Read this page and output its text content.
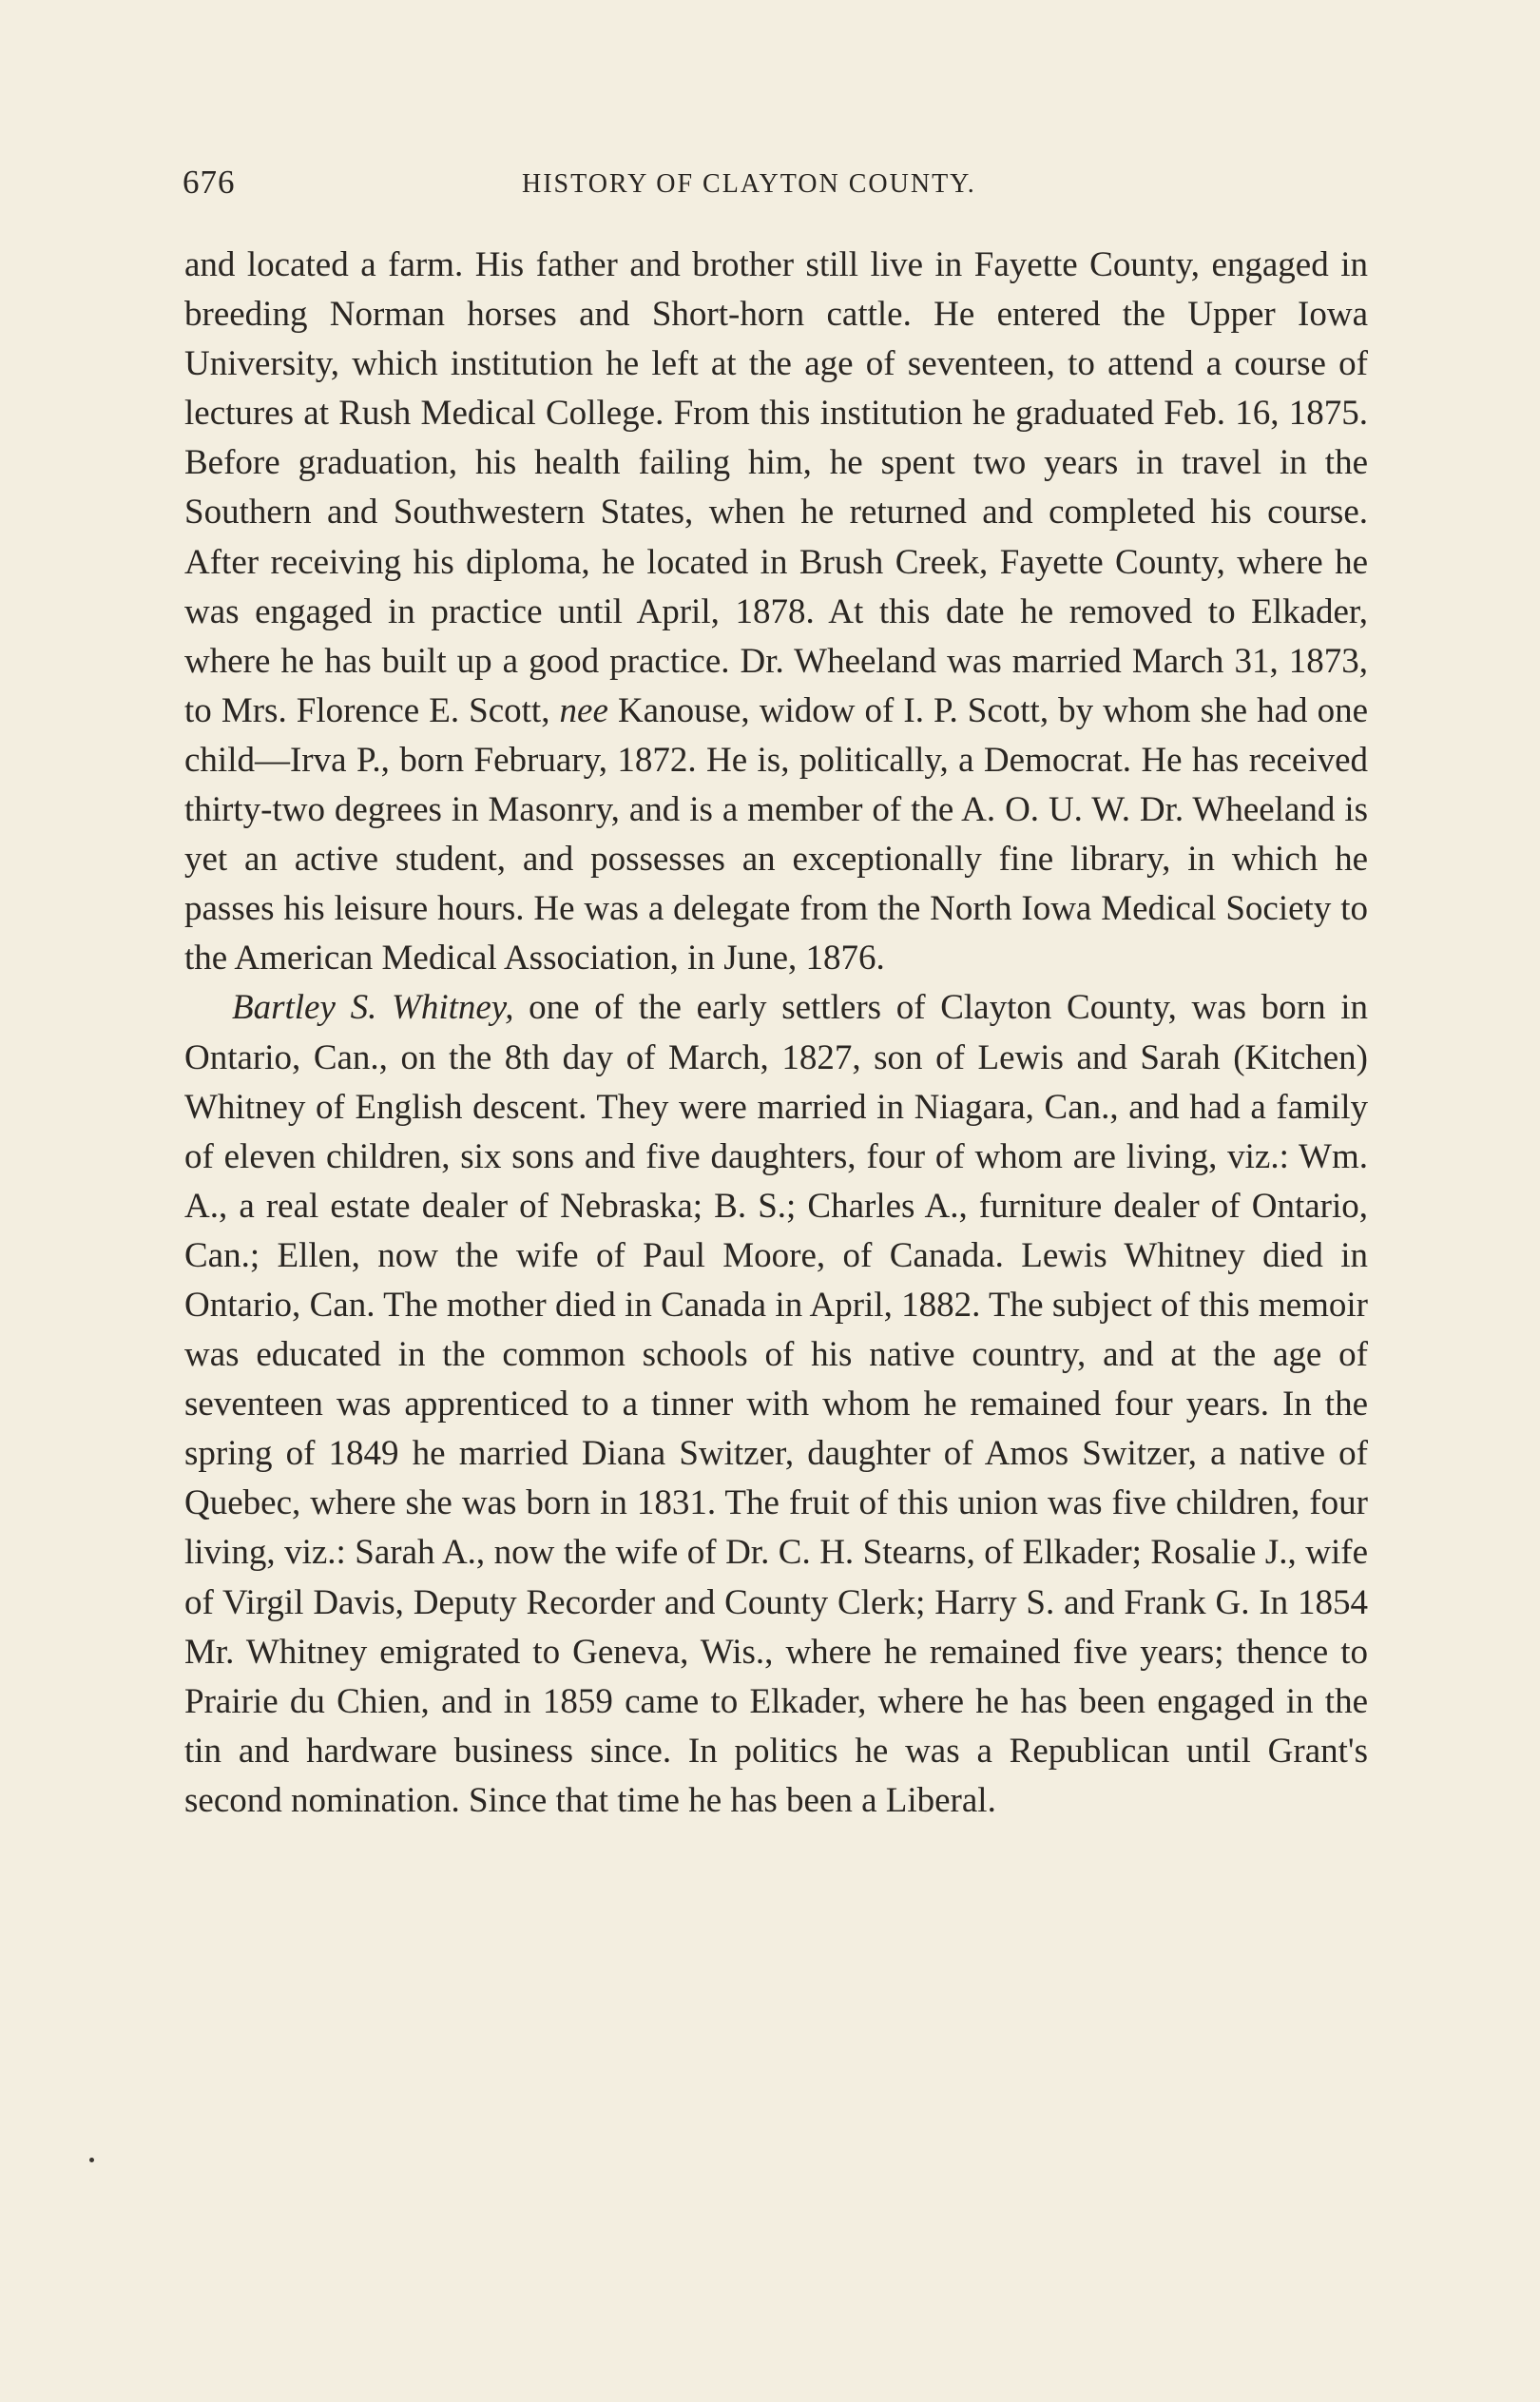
676	HISTORY OF CLAYTON COUNTY.

and located a farm. His father and brother still live in Fayette County, engaged in breeding Norman horses and Short-horn cattle. He entered the Upper Iowa University, which institution he left at the age of seventeen, to attend a course of lectures at Rush Medical College. From this institution he graduated Feb. 16, 1875. Before graduation, his health failing him, he spent two years in travel in the Southern and Southwestern States, when he returned and completed his course. After receiving his diploma, he located in Brush Creek, Fayette County, where he was engaged in practice until April, 1878. At this date he removed to Elkader, where he has built up a good practice. Dr. Wheeland was married March 31, 1873, to Mrs. Florence E. Scott, nee Kanouse, widow of I. P. Scott, by whom she had one child—Irva P., born February, 1872. He is, politically, a Democrat. He has received thirty-two degrees in Masonry, and is a member of the A. O. U. W. Dr. Wheeland is yet an active student, and possesses an exceptionally fine library, in which he passes his leisure hours. He was a delegate from the North Iowa Medical Society to the American Medical Association, in June, 1876.

Bartley S. Whitney, one of the early settlers of Clayton County, was born in Ontario, Can., on the 8th day of March, 1827, son of Lewis and Sarah (Kitchen) Whitney of English descent. They were married in Niagara, Can., and had a family of eleven children, six sons and five daughters, four of whom are living, viz.: Wm. A., a real estate dealer of Nebraska; B. S.; Charles A., furniture dealer of Ontario, Can.; Ellen, now the wife of Paul Moore, of Canada. Lewis Whitney died in Ontario, Can. The mother died in Canada in April, 1882. The subject of this memoir was educated in the common schools of his native country, and at the age of seventeen was apprenticed to a tinner with whom he remained four years. In the spring of 1849 he married Diana Switzer, daughter of Amos Switzer, a native of Quebec, where she was born in 1831. The fruit of this union was five children, four living, viz.: Sarah A., now the wife of Dr. C. H. Stearns, of Elkader; Rosalie J., wife of Virgil Davis, Deputy Recorder and County Clerk; Harry S. and Frank G. In 1854 Mr. Whitney emigrated to Geneva, Wis., where he remained five years; thence to Prairie du Chien, and in 1859 came to Elkader, where he has been engaged in the tin and hardware business since. In politics he was a Republican until Grant's second nomination. Since that time he has been a Liberal.
